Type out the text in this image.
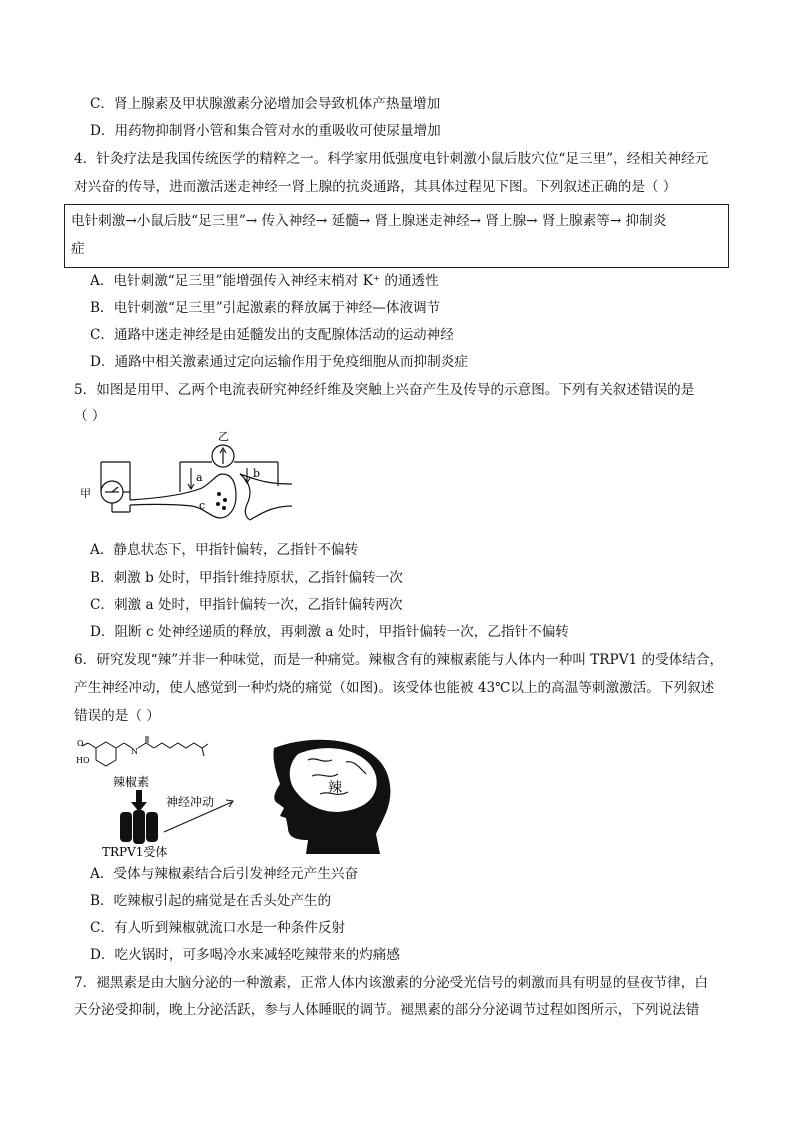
C．肾上腺素及甲状腺激素分泌增加会导致机体产热量增加
D．用药物抑制肾小管和集合管对水的重吸收可使尿量增加
4．针灸疗法是我国传统医学的精粹之一。科学家用低强度电针刺激小鼠后肢穴位“足三里”，经相关神经元
对兴奋的传导，进而激活迷走神经一肾上腺的抗炎通路，其具体过程见下图。下列叙述正确的是（ ）
电针刺激→小鼠后肢“足三里”→ 传入神经→ 延髓→ 肾上腺迷走神经→ 肾上腺→ 肾上腺素等→ 抑制炎
症
A．电针刺激“足三里”能增强传入神经末梢对 K⁺ 的通透性
B．电针刺激“足三里”引起激素的释放属于神经—体液调节
C．通路中迷走神经是由延髓发出的支配腺体活动的运动神经
D．通路中相关激素通过定向运输作用于免疫细胞从而抑制炎症
5．如图是用甲、乙两个电流表研究神经纤维及突触上兴奋产生及传导的示意图。下列有关叙述错误的是
（ ）
甲
c
乙
a	b
A．静息状态下，甲指针偏转，乙指针不偏转
B．刺激 b 处时，甲指针维持原状，乙指针偏转一次
C．刺激 a 处时，甲指针偏转一次，乙指针偏转两次
D．阻断 c 处神经递质的释放，再刺激 a 处时，甲指针偏转一次，乙指针不偏转
6．研究发现“辣”并非一种味觉，而是一种痛觉。辣椒含有的辣椒素能与人体内一种叫 TRPV1 的受体结合，
产生神经冲动，使人感觉到一种灼烧的痛觉（如图)。该受体也能被 43℃以上的高温等刺激激活。下列叙述
错误的是（ ）
HO
O
N
辣椒素
TRPV1受体
神经冲动
辣
A．受体与辣椒素结合后引发神经元产生兴奋
B．吃辣椒引起的痛觉是在舌头处产生的
C．有人听到辣椒就流口水是一种条件反射
D．吃火锅时，可多喝冷水来减轻吃辣带来的灼痛感
7．褪黑素是由大脑分泌的一种激素，正常人体内该激素的分泌受光信号的刺激而具有明显的昼夜节律，白
天分泌受抑制，晚上分泌活跃，参与人体睡眠的调节。褪黑素的部分分泌调节过程如图所示，下列说法错
